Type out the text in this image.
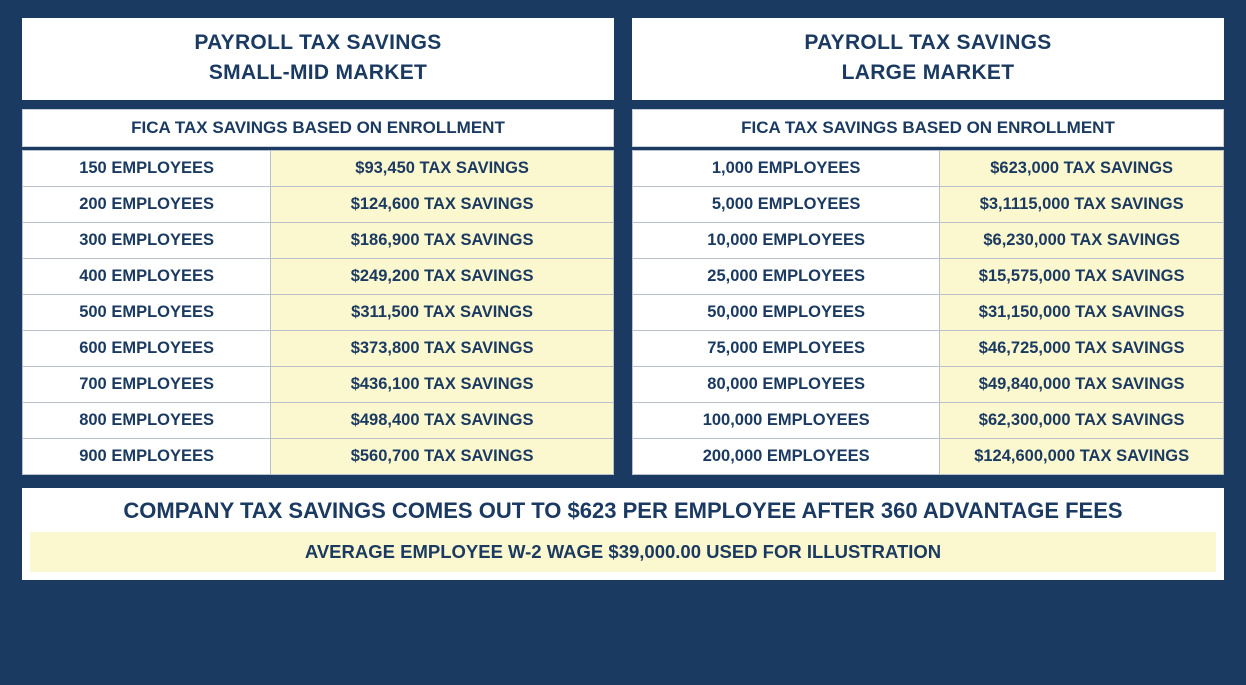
PAYROLL TAX SAVINGS
SMALL-MID MARKET
FICA TAX SAVINGS BASED ON ENROLLMENT
150 EMPLOYEES	$93,450 TAX SAVINGS
200 EMPLOYEES	$124,600 TAX SAVINGS
300 EMPLOYEES	$186,900 TAX SAVINGS
400 EMPLOYEES	$249,200 TAX SAVINGS
500 EMPLOYEES	$311,500 TAX SAVINGS
600 EMPLOYEES	$373,800 TAX SAVINGS
700 EMPLOYEES	$436,100 TAX SAVINGS
800 EMPLOYEES	$498,400 TAX SAVINGS
900 EMPLOYEES	$560,700 TAX SAVINGS
PAYROLL TAX SAVINGS
LARGE MARKET
FICA TAX SAVINGS BASED ON ENROLLMENT
1,000 EMPLOYEES	$623,000 TAX SAVINGS
5,000 EMPLOYEES	$3,1115,000 TAX SAVINGS
10,000 EMPLOYEES	$6,230,000 TAX SAVINGS
25,000 EMPLOYEES	$15,575,000 TAX SAVINGS
50,000 EMPLOYEES	$31,150,000 TAX SAVINGS
75,000 EMPLOYEES	$46,725,000 TAX SAVINGS
80,000 EMPLOYEES	$49,840,000 TAX SAVINGS
100,000 EMPLOYEES	$62,300,000 TAX SAVINGS
200,000 EMPLOYEES	$124,600,000 TAX SAVINGS
COMPANY TAX SAVINGS COMES OUT TO $623 PER EMPLOYEE AFTER 360 ADVANTAGE FEES
AVERAGE EMPLOYEE W-2 WAGE $39,000.00 USED FOR ILLUSTRATION
